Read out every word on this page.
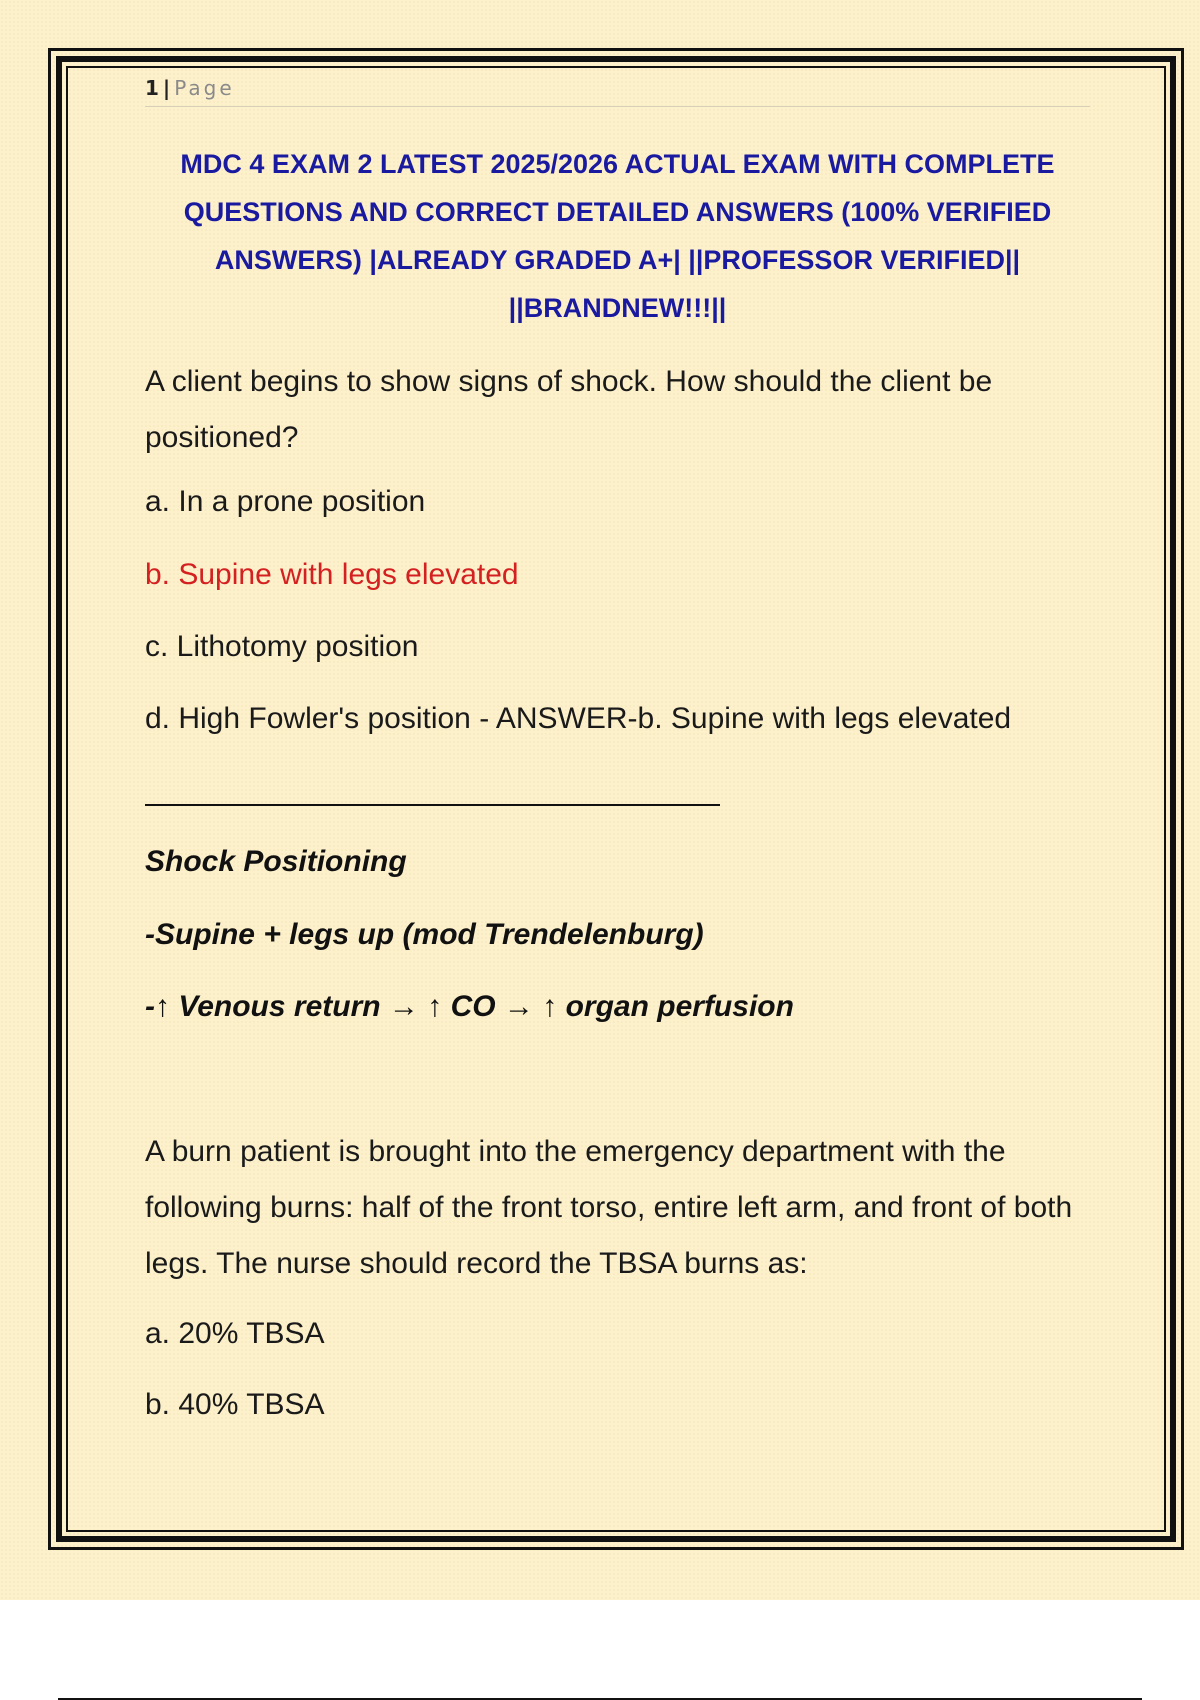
1 | Page
MDC 4 EXAM 2 LATEST 2025/2026 ACTUAL EXAM WITH COMPLETE
QUESTIONS AND CORRECT DETAILED ANSWERS (100% VERIFIED
ANSWERS) |ALREADY GRADED A+| ||PROFESSOR VERIFIED||
||BRANDNEW!!!||
A client begins to show signs of shock. How should the client be positioned?
a. In a prone position
b. Supine with legs elevated
c. Lithotomy position
d. High Fowler's position - ANSWER-b. Supine with legs elevated
Shock Positioning
-Supine + legs up (mod Trendelenburg)
-↑ Venous return → ↑ CO → ↑ organ perfusion
A burn patient is brought into the emergency department with the following burns: half of the front torso, entire left arm, and front of both legs. The nurse should record the TBSA burns as:
a. 20% TBSA
b. 40% TBSA
